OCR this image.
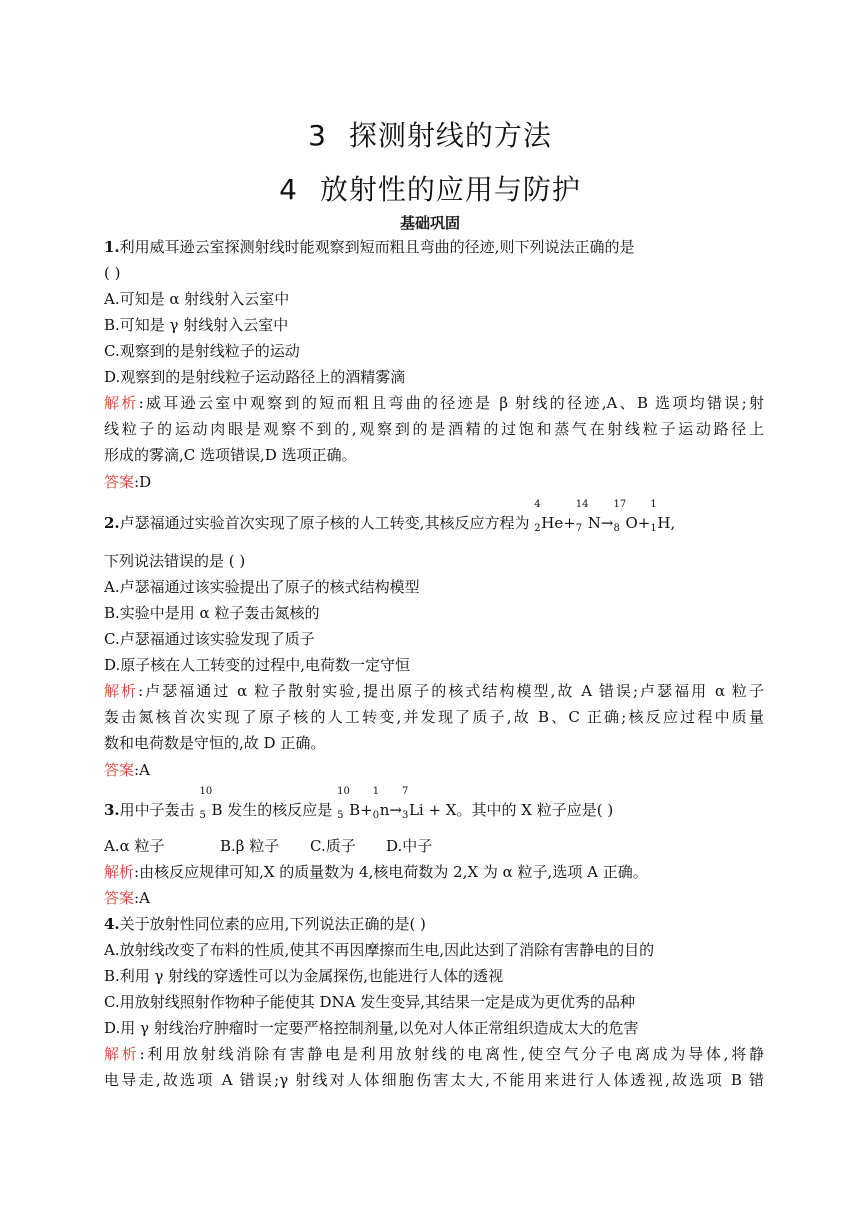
3 探测射线的方法
4 放射性的应用与防护
基础巩固
1.利用威耳逊云室探测射线时能观察到短而粗且弯曲的径迹,则下列说法正确的是
( )
A.可知是 α 射线射入云室中
B.可知是 γ 射线射入云室中
C.观察到的是射线粒子的运动
D.观察到的是射线粒子运动路径上的酒精雾滴
解析:威耳逊云室中观察到的短而粗且弯曲的径迹是 β 射线的径迹,A、B 选项均错误;射
线粒子的运动肉眼是观察不到的,观察到的是酒精的过饱和蒸气在射线粒子运动路径上
形成的雾滴,C 选项错误,D 选项正确。
答案:D
2.卢瑟福通过实验首次实现了原子核的人工转变,其核反应方程为
4
2 He+
14
7 N→
17
8 O+
1
1 H,
下列说法错误的是 ( )
A.卢瑟福通过该实验提出了原子的核式结构模型
B.实验中是用 α 粒子轰击氮核的
C.卢瑟福通过该实验发现了质子
D.原子核在人工转变的过程中,电荷数一定守恒
解析:卢瑟福通过 α 粒子散射实验,提出原子的核式结构模型,故 A 错误;卢瑟福用 α 粒子
轰击氮核首次实现了原子核的人工转变,并发现了质子,故 B、C 正确;核反应过程中质量
数和电荷数是守恒的,故 D 正确。
答案:A
3.用中子轰击
10
5 B 发生的核反应是
10
5 B+
1
0 n→
7
3 Li + X。其中的 X 粒子应是( )
A.α 粒子	B.β 粒子 C.质子 D.中子
解析:由核反应规律可知,X 的质量数为 4,核电荷数为 2,X 为 α 粒子,选项 A 正确。
答案:A
4.关于放射性同位素的应用,下列说法正确的是( )
A.放射线改变了布料的性质,使其不再因摩擦而生电,因此达到了消除有害静电的目的
B.利用 γ 射线的穿透性可以为金属探伤,也能进行人体的透视
C.用放射线照射作物种子能使其 DNA 发生变异,其结果一定是成为更优秀的品种
D.用 γ 射线治疗肿瘤时一定要严格控制剂量,以免对人体正常组织造成太大的危害
解析:利用放射线消除有害静电是利用放射线的电离性,使空气分子电离成为导体,将静
电导走,故选项 A 错误;γ 射线对人体细胞伤害太大,不能用来进行人体透视,故选项 B 错
